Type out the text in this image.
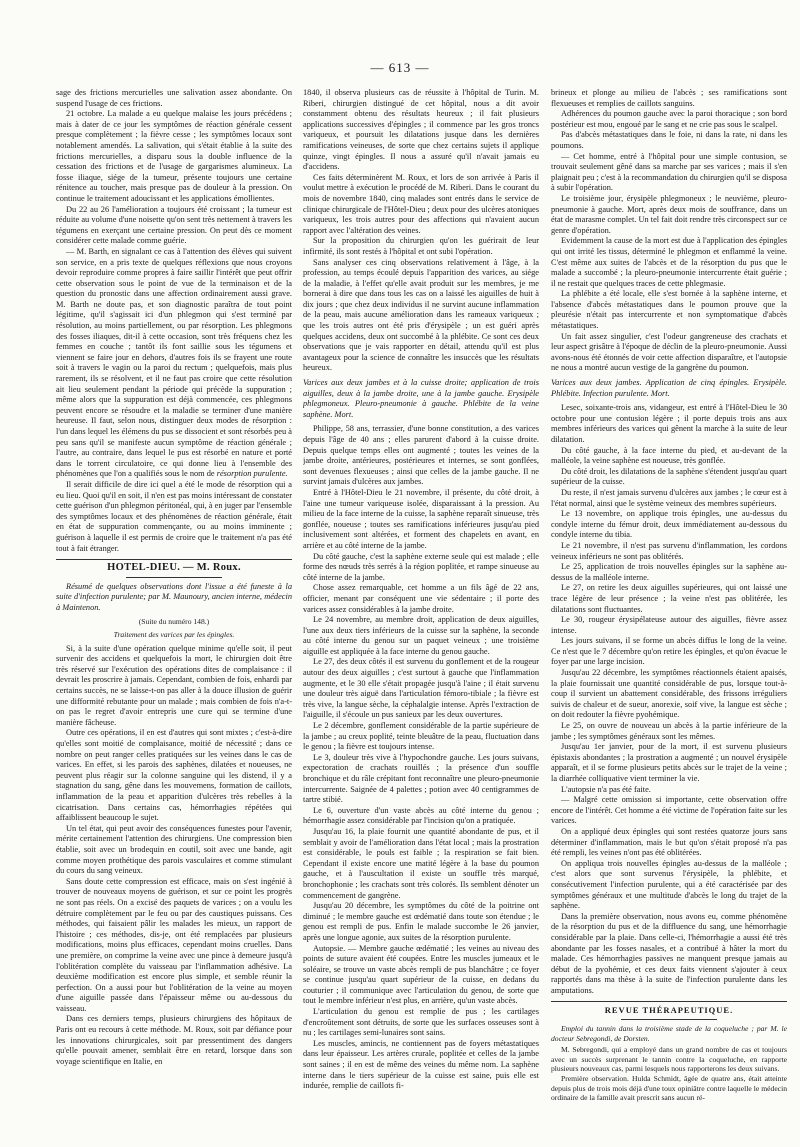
— 613 —

sage des frictions mercurielles une salivation assez abondante. On suspend l'usage de ces frictions.

21 octobre. La malade a eu quelque malaise les jours précédens ; mais à dater de ce jour les symptômes de réaction générale cessent presque complètement ; la fièvre cesse ; les symptômes locaux sont notablement amendés. La salivation, qui s'était établie à la suite des frictions mercurielles, a disparu sous la double influence de la cessation des frictions et de l'usage de gargarismes alumineux. La fosse iliaque, siége de la tumeur, présente toujours une certaine rénitence au toucher, mais presque pas de douleur à la pression. On continue le traitement adoucissant et les applications émollientes.

Du 22 au 26 l'amélioration a toujours été croissant ; la tumeur est réduite au volume d'une noisette qu'on sent très nettement à travers les tégumens en exerçant une certaine pression. On peut dès ce moment considérer cette malade comme guérie.

— M. Barth, en signalant ce cas à l'attention des élèves qui suivent son service, en a pris texte de quelques réflexions que nous croyons devoir reproduire comme propres à faire saillir l'intérêt que peut offrir cette observation sous le point de vue de la terminaison et de la question du pronostic dans une affection ordinairement aussi grave. M. Barth ne doute pas, et son diagnostic paraîtra de tout point légitime, qu'il s'agissait ici d'un phlegmon qui s'est terminé par résolution, au moins partiellement, ou par résorption. Les phlegmons des fosses iliaques, dit-il à cette occasion, sont très fréquens chez les femmes en couche ; tantôt ils font saillie sous les tégumens et viennent se faire jour en dehors, d'autres fois ils se frayent une route soit à travers le vagin ou la paroi du rectum ; quelquefois, mais plus rarement, ils se résolvent, et il ne faut pas croire que cette résolution ait lieu seulement pendant la période qui précède la suppuration ; même alors que la suppuration est déjà commencée, ces phlegmons peuvent encore se résoudre et la maladie se terminer d'une manière heureuse. Il faut, selon nous, distinguer deux modes de résorption : l'un dans lequel les élémens du pus se dissocient et sont résorbés peu à peu sans qu'il se manifeste aucun symptôme de réaction générale ; l'autre, au contraire, dans lequel le pus est résorbé en nature et porté dans le torrent circulatoire, ce qui donne lieu à l'ensemble des phénomènes que l'on a qualifiés sous le nom de résorption purulente.

Il serait difficile de dire ici quel a été le mode de résorption qui a eu lieu. Quoi qu'il en soit, il n'en est pas moins intéressant de constater cette guérison d'un phlegmon péritonéal, qui, à en juger par l'ensemble des symptômes locaux et des phénomènes de réaction générale, était en état de suppuration commençante, ou au moins imminente ; guérison à laquelle il est permis de croire que le traitement n'a pas été tout à fait étranger.

HOTEL-DIEU. — M. Roux.

Résumé de quelques observations dont l'issue a été funeste à la suite d'infection purulente; par M. Maunoury, ancien interne, médecin à Maintenon.

(Suite du numéro 148.)

Traitement des varices par les épingles.

Si, à la suite d'une opération quelque minime qu'elle soit, il peut survenir des accidens et quelquefois la mort, le chirurgien doit être très réservé sur l'exécution des opérations dites de complaisance : il devrait les proscrire à jamais. Cependant, combien de fois, enhardi par certains succès, ne se laisse-t-on pas aller à la douce illusion de guérir une difformité rebutante pour un malade ; mais combien de fois n'a-t-on pas le regret d'avoir entrepris une cure qui se termine d'une manière fâcheuse.

Outre ces opérations, il en est d'autres qui sont mixtes ; c'est-à-dire qu'elles sont moitié de complaisance, moitié de nécessité ; dans ce nombre on peut ranger celles pratiquées sur les veines dans le cas de varices. En effet, si les parois des saphènes, dilatées et noueuses, ne peuvent plus réagir sur la colonne sanguine qui les distend, il y a stagnation du sang, gêne dans les mouvemens, formation de caillots, inflammation de la peau et apparition d'ulcères très rebelles à la cicatrisation. Dans certains cas, hémorrhagies répétées qui affaiblissent beaucoup le sujet.

Un tel état, qui peut avoir des conséquences funestes pour l'avenir, mérite certainement l'attention des chirurgiens. Une compression bien établie, soit avec un brodequin en coutil, soit avec une bande, agit comme moyen prothétique des parois vasculaires et comme stimulant du cours du sang veineux.

Sans doute cette compression est efficace, mais on s'est ingénié à trouver de nouveaux moyens de guérison, et sur ce point les progrès ne sont pas réels. On a excisé des paquets de varices ; on a voulu les détruire complètement par le feu ou par des caustiques puissans. Ces méthodes, qui faisaient pâlir les malades les mieux, un rapport de l'histoire ; ces méthodes, dis-je, ont été remplacées par plusieurs modifications, moins plus efficaces, cependant moins cruelles. Dans une première, on comprime la veine avec une pince à demeure jusqu'à l'oblitération complète du vaisseau par l'inflammation adhésive. La deuxième modification est encore plus simple, et semble réunir la perfection. On a aussi pour but l'oblitération de la veine au moyen d'une aiguille passée dans l'épaisseur même ou au-dessous du vaisseau.

Dans ces derniers temps, plusieurs chirurgiens des hôpitaux de Paris ont eu recours à cette méthode. M. Roux, soit par défiance pour les innovations chirurgicales, soit par pressentiment des dangers qu'elle pouvait amener, semblait être en retard, lorsque dans son voyage scientifique en Italie, en

1840, il observa plusieurs cas de réussite à l'hôpital de Turin. M. Riberi, chirurgien distingué de cet hôpital, nous a dit avoir constamment obtenu des résultats heureux ; il fait plusieurs applications successives d'épingles ; il commence par les gros troncs variqueux, et poursuit les dilatations jusque dans les dernières ramifications veineuses, de sorte que chez certains sujets il applique quinze, vingt épingles. Il nous a assuré qu'il n'avait jamais eu d'accidens.

Ces faits déterminèrent M. Roux, et lors de son arrivée à Paris il voulut mettre à exécution le procédé de M. Riberi. Dans le courant du mois de novembre 1840, cinq malades sont entrés dans le service de clinique chirurgicale de l'Hôtel-Dieu ; deux pour des ulcères atoniques variqueux, les trois autres pour des affections qui n'avaient aucun rapport avec l'altération des veines.

Sur la proposition du chirurgien qu'on les guérirait de leur infirmité, ils sont restés à l'hôpital et ont subi l'opération.

Sans analyser ces cinq observations relativement à l'âge, à la profession, au temps écoulé depuis l'apparition des varices, au siége de la maladie, à l'effet qu'elle avait produit sur les membres, je me bornerai à dire que dans tous les cas on a laissé les aiguilles de huit à dix jours ; que chez deux individus il ne survint aucune inflammation de la peau, mais aucune amélioration dans les rameaux variqueux ; que les trois autres ont été pris d'érysipèle ; un est guéri après quelques accidens, deux ont succombé à la phlébite. Ce sont ces deux observations que je vais rapporter en détail, attendu qu'il est plus avantageux pour la science de connaître les insuccès que les résultats heureux.

Varices aux deux jambes et à la cuisse droite; application de trois aiguilles, deux à la jambe droite, une à la jambe gauche. Erysipèle phlegmoneux. Pleuro-pneumonie à gauche. Phlébite de la veine saphène. Mort.

Philippe, 58 ans, terrassier, d'une bonne constitution, a des varices depuis l'âge de 40 ans ; elles parurent d'abord à la cuisse droite. Depuis quelque temps elles ont augmenté ; toutes les veines de la jambe droite, antérieures, postérieures et internes, se sont gonflées, sont devenues flexueuses ; ainsi que celles de la jambe gauche. Il ne survint jamais d'ulcères aux jambes.

Entré à l'Hôtel-Dieu le 21 novembre, il présente, du côté droit, à l'aine une tumeur variqueuse isolée, disparaissant à la pression. Au milieu de la face interne de la cuisse, la saphène reparaît sinueuse, très gonflée, noueuse ; toutes ses ramifications inférieures jusqu'au pied inclusivement sont altérées, et forment des chapelets en avant, en arrière et au côté interne de la jambe.

Du côté gauche, c'est la saphène externe seule qui est malade ; elle forme des nœuds très serrés à la région poplitée, et rampe sinueuse au côté interne de la jambe.

Chose assez remarquable, cet homme a un fils âgé de 22 ans, officier, menant par conséquent une vie sédentaire ; il porte des varices assez considérables à la jambe droite.

Le 24 novembre, au membre droit, application de deux aiguilles, l'une aux deux tiers inférieurs de la cuisse sur la saphène, la seconde au côté interne du genou sur un paquet veineux ; une troisième aiguille est appliquée à la face interne du genou gauche.

Le 27, des deux côtés il est survenu du gonflement et de la rougeur autour des deux aiguilles ; c'est surtout à gauche que l'inflammation augmente, et le 30 elle s'était propagée jusqu'à l'aine ; il était survenu une douleur très aiguë dans l'articulation fémoro-tibiale ; la fièvre est très vive, la langue sèche, la céphalalgie intense. Après l'extraction de l'aiguille, il s'écoule un pus sanieux par les deux ouvertures.

Le 2 décembre, gonflement considérable de la partie supérieure de la jambe ; au creux poplité, teinte bleuâtre de la peau, fluctuation dans le genou ; la fièvre est toujours intense.

Le 3, douleur très vive à l'hypochondre gauche. Les jours suivans, expectoration de crachats rouillés ; la présence d'un souffle bronchique et du râle crépitant font reconnaître une pleuro-pneumonie intercurrente. Saignée de 4 palettes ; potion avec 40 centigrammes de tartre stibié.

Le 6, ouverture d'un vaste abcès au côté interne du genou ; hémorrhagie assez considérable par l'incision qu'on a pratiquée.

Jusqu'au 16, la plaie fournit une quantité abondante de pus, et il semblait y avoir de l'amélioration dans l'état local ; mais la prostration est considérable, le pouls est faible ; la respiration se fait bien. Cependant il existe encore une matité légère à la base du poumon gauche, et à l'auscultation il existe un souffle très marqué, bronchophonie ; les crachats sont très colorés. Ils semblent dénoter un commencement de gangrène.

Jusqu'au 20 décembre, les symptômes du côté de la poitrine ont diminué ; le membre gauche est œdématié dans toute son étendue ; le genou est rempli de pus. Enfin le malade succombe le 26 janvier, après une longue agonie, aux suites de la résorption purulente.

Autopsie. — Membre gauche œdématié ; les veines au niveau des points de suture avaient été coupées. Entre les muscles jumeaux et le soléaire, se trouve un vaste abcès rempli de pus blanchâtre ; ce foyer se continue jusqu'au quart supérieur de la cuisse, en dedans du couturier ; il communique avec l'articulation du genou, de sorte que tout le membre inférieur n'est plus, en arrière, qu'un vaste abcès.

L'articulation du genou est remplie de pus ; les cartilages d'encroûtement sont détruits, de sorte que les surfaces osseuses sont à nu ; les cartilages semi-lunaires sont sains.

Les muscles, amincis, ne contiennent pas de foyers métastatiques dans leur épaisseur. Les artères crurale, poplitée et celles de la jambe sont saines ; il en est de même des veines du même nom. La saphène interne dans le tiers supérieur de la cuisse est saine, puis elle est indurée, remplie de caillots fi-

brineux et plonge au milieu de l'abcès ; ses ramifications sont flexueuses et remplies de caillots sanguins.

Adhérences du poumon gauche avec la paroi thoracique ; son bord postérieur est mou, engoué par le sang et ne crie pas sous le scalpel.

Pas d'abcès métastatiques dans le foie, ni dans la rate, ni dans les poumons.

— Cet homme, entré à l'hôpital pour une simple contusion, se trouvait seulement gêné dans sa marche par ses varices ; mais il s'en plaignait peu ; c'est à la recommandation du chirurgien qu'il se disposa à subir l'opération.

Le troisième jour, érysipèle phlegmoneux ; le neuvième, pleuro-pneumonie à gauche. Mort, après deux mois de souffrance, dans un état de marasme complet. Un tel fait doit rendre très circonspect sur ce genre d'opération.

Evidemment la cause de la mort est due à l'application des épingles qui ont irrité les tissus, déterminé le phlegmon et enflammé la veine. C'est même aux suites de l'abcès et de la résorption du pus que le malade a succombé ; la pleuro-pneumonie intercurrente était guérie ; il ne restait que quelques traces de cette phlegmasie.

La phlébite a été locale, elle s'est bornée à la saphène interne, et l'absence d'abcès métastatiques dans le poumon prouve que la pleurésie n'était pas intercurrente et non symptomatique d'abcès métastatiques.

Un fait assez singulier, c'est l'odeur gangreneuse des crachats et leur aspect grisâtre à l'époque de déclin de la pleuro-pneumonie. Aussi avons-nous été étonnés de voir cette affection disparaître, et l'autopsie ne nous a montré aucun vestige de la gangrène du poumon.

Varices aux deux jambes. Application de cinq épingles. Erysipèle. Phlébite. Infection purulente. Mort.

Lesec, soixante-trois ans, vidangeur, est entré à l'Hôtel-Dieu le 30 octobre pour une contusion légère ; il porte depuis trois ans aux membres inférieurs des varices qui gênent la marche à la suite de leur dilatation.

Du côté gauche, à la face interne du pied, et au-devant de la malléole, la veine saphène est noueuse, très gonflée.

Du côté droit, les dilatations de la saphène s'étendent jusqu'au quart supérieur de la cuisse.

Du reste, il n'est jamais survenu d'ulcères aux jambes ; le cœur est à l'état normal, ainsi que le système veineux des membres supérieurs.

Le 13 novembre, on applique trois épingles, une au-dessus du condyle interne du fémur droit, deux immédiatement au-dessous du condyle interne du tibia.

Le 21 novembre, il n'est pas survenu d'inflammation, les cordons veineux inférieurs ne sont pas oblitérés.

Le 25, application de trois nouvelles épingles sur la saphène au-dessus de la malléole interne.

Le 27, on retire les deux aiguilles supérieures, qui ont laissé une trace légère de leur présence ; la veine n'est pas oblitérée, les dilatations sont fluctuantes.

Le 30, rougeur érysipélateuse autour des aiguilles, fièvre assez intense.

Les jours suivans, il se forme un abcès diffus le long de la veine. Ce n'est que le 7 décembre qu'on retire les épingles, et qu'on évacue le foyer par une large incision.

Jusqu'au 22 décembre, les symptômes réactionnels étaient apaisés, la plaie fournissait une quantité considérable de pus, lorsque tout-à-coup il survient un abattement considérable, des frissons irréguliers suivis de chaleur et de sueur, anorexie, soif vive, la langue est sèche ; on doit redouter la fièvre pyohémique.

Le 25, on ouvre de nouveau un abcès à la partie inférieure de la jambe ; les symptômes généraux sont les mêmes.

Jusqu'au 1er janvier, pour de la mort, il est survenu plusieurs épistaxis abondantes ; la prostration a augmenté ; un nouvel érysipèle apparaît, et il se forme plusieurs petits abcès sur le trajet de la veine ; la diarrhée colliquative vient terminer la vie.

L'autopsie n'a pas été faite.

— Malgré cette omission si importante, cette observation offre encore de l'intérêt. Cet homme a été victime de l'opération faite sur les varices.

On a appliqué deux épingles qui sont restées quatorze jours sans déterminer d'inflammation, mais le but qu'on s'était proposé n'a pas été rempli, les veines n'ont pas été oblitérées.

On appliqua trois nouvelles épingles au-dessus de la malléole ; c'est alors que sont survenus l'érysipèle, la phlébite, et consécutivement l'infection purulente, qui a été caractérisée par des symptômes généraux et une multitude d'abcès le long du trajet de la saphène.

Dans la première observation, nous avons eu, comme phénomène de la résorption du pus et de la diffluence du sang, une hémorrhagie considérable par la plaie. Dans celle-ci, l'hémorrhagie a aussi été très abondante par les fosses nasales, et a contribué à hâter la mort du malade. Ces hémorrhagies passives ne manquent presque jamais au début de la pyohémie, et ces deux faits viennent s'ajouter à ceux rapportés dans ma thèse à la suite de l'infection purulente dans les amputations.

REVUE THÉRAPEUTIQUE.

Emploi du tannin dans la troisième stade de la coqueluche ; par M. le docteur Sebregondi, de Dorsten.

M. Sebregondi, qui a employé dans un grand nombre de cas et toujours avec un succès surprenant le tannin contre la coqueluche, en rapporte plusieurs nouveaux cas, parmi lesquels nous rapporterons les deux suivans.

Première observation. Hulda Schmidt, âgée de quatre ans, était atteinte depuis plus de trois mois déjà d'une toux opiniâtre contre laquelle le médecin ordinaire de la famille avait prescrit sans aucun ré-
